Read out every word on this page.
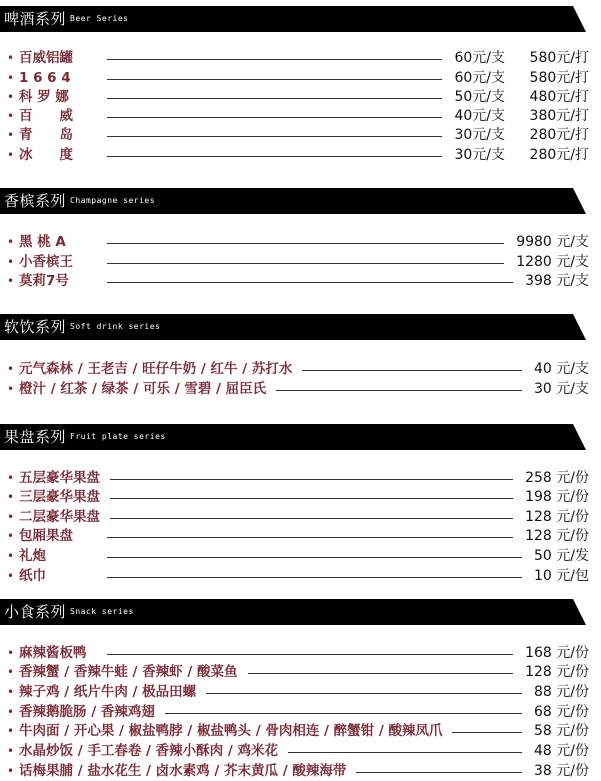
啤酒系列 Beer Series
• 百威铝罐	60元/支 580元/打
• 1 6 6 4	60元/支 580元/打
• 科 罗 娜	50元/支 480元/打
• 百　　威	40元/支 380元/打
• 青　　岛	30元/支 280元/打
• 冰　　度	30元/支 280元/打
香槟系列 Champagne series
• 黑 桃 A	9980 元/支
• 小香槟王	1280 元/支
• 莫莉7号	398 元/支
软饮系列 Soft drink series
• 元气森林 / 王老吉 / 旺仔牛奶 / 红牛 / 苏打水	40 元/支
• 橙汁 / 红茶 / 绿茶 / 可乐 / 雪碧 / 屈臣氏	30 元/支
果盘系列 Fruit plate series
• 五层豪华果盘	258 元/份
• 三层豪华果盘	198 元/份
• 二层豪华果盘	128 元/份
• 包厢果盘	128 元/份
• 礼炮	50 元/发
• 纸巾	10 元/包
小食系列 Snack series
• 麻辣酱板鸭	168 元/份
• 香辣蟹 / 香辣牛蛙 / 香辣虾 / 酸菜鱼	128 元/份
• 辣子鸡 / 纸片牛肉 / 极品田螺	88 元/份
• 香辣鹅脆肠 / 香辣鸡翅	68 元/份
• 牛肉面 / 开心果 / 椒盐鸭脖 / 椒盐鸭头 / 骨肉相连 / 醉蟹钳 / 酸辣凤爪	58 元/份
• 水晶炒饭 / 手工春卷 / 香辣小酥肉 / 鸡米花	48 元/份
• 话梅果脯 / 盐水花生 / 卤水素鸡 / 芥末黄瓜 / 酸辣海带	38 元/份
